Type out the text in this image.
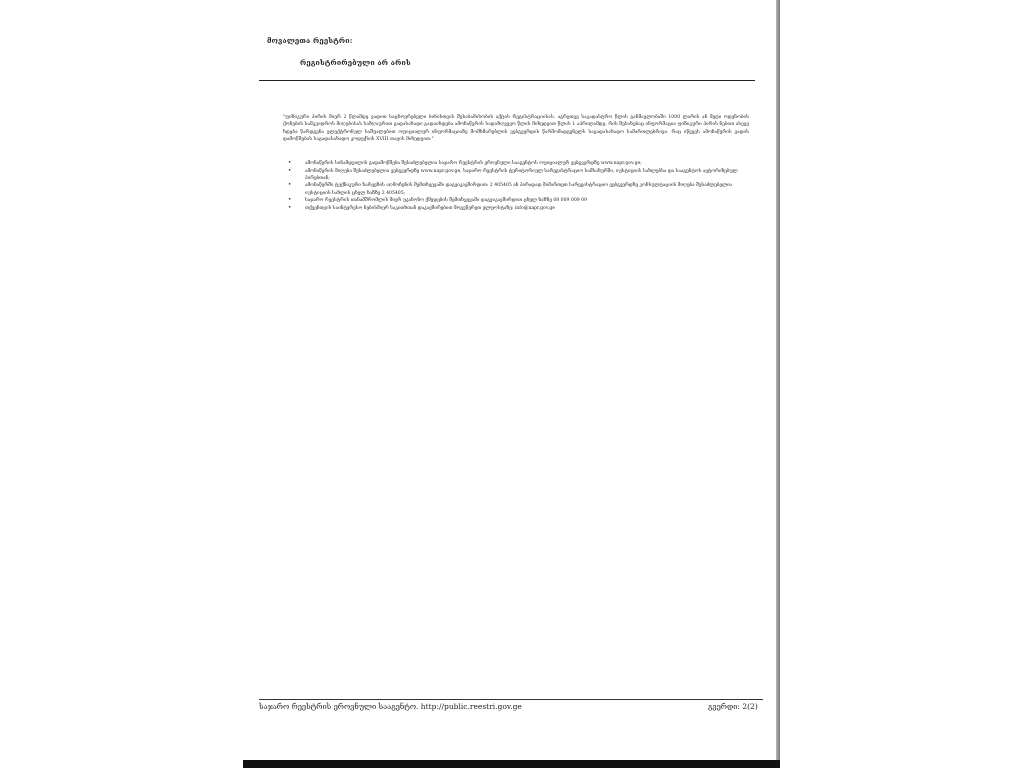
მოვალეთა რეესტრი:
რეგისტრირებული არ არის
"ფიზიკური პირის მიერ 2 წლამდე ვადით საცხოვრებელი ბინისთვის შესაბამისობის აქტის რეგისტრაციისას, აგრეთვე საკადასტრო წლის განმავლობაში 1000 ლარის ან მეტი ოდენობის ქონების სამკვიდროს მიღებისას საზღაურით გადასახადი გადაიხდება ამონაწერის სადაზღვევო წლის მიხედვით წლის 1 აპრილამდე. რის შესახებაც ინფორმაცია ფიზიკური პირის ნებით ასევე ხდება წარდგენა ელექტრონულ საშუალებით ოფიციალურ ინფორმაციაზე მომხმარებლის ვებგვერდის წარმომადგენელს საგადასახადო სამართლებრივი. რაც იწვევს ამონაწერის ვადის დამოწმებას საგადასახადო კოდექსის XVIII თავის მიხედვით."
•	ამონაწერის სინამდვილის გადამოწმება შესაძლებელია საჯარო რეესტრის ეროვნული სააგენტოს ოფიციალურ ვებგვერდზე www.napr.gov.ge;
•	ამონაწერის მიღება შესაძლებელია ვებგვერდზე www.napr.gov.ge, საჯარო რეესტრის ტერიტორიულ სარეგისტრაციო სამსახურში, იუსტიციის სახლებსა და სააგენტოს ავტორიზებულ პირებთან;
•	ამონაწერში ტექნიკური ხარვეზის აღმოჩენის შემთხვევაში დაგვიკავშირდით: 2 405405 ან პირადად მიმართეთ სარეგისტრაციო ვებგვერდზე კონსულტაციის მიღება შესაძლებელია იუსტიციის სახლის ცხელ ხაზზე 2 405405;
•	საჯარო რეესტრის თანამშრომლის მიერ უკანონო ქმედების შემთხვევაში დაგვიკავშირდით ცხელ ხაზზე 08 009 009 09
•	თქვენთვის საინტერესო ნებისმიერ საკითხთან დაკავშირებით მოგვწერეთ ელფოსტაზე: info@napr.gov.ge
საჯარო რეესტრის ეროვნული სააგენტო. http://public.reestri.gov.ge	გვერდი: 2(2)
